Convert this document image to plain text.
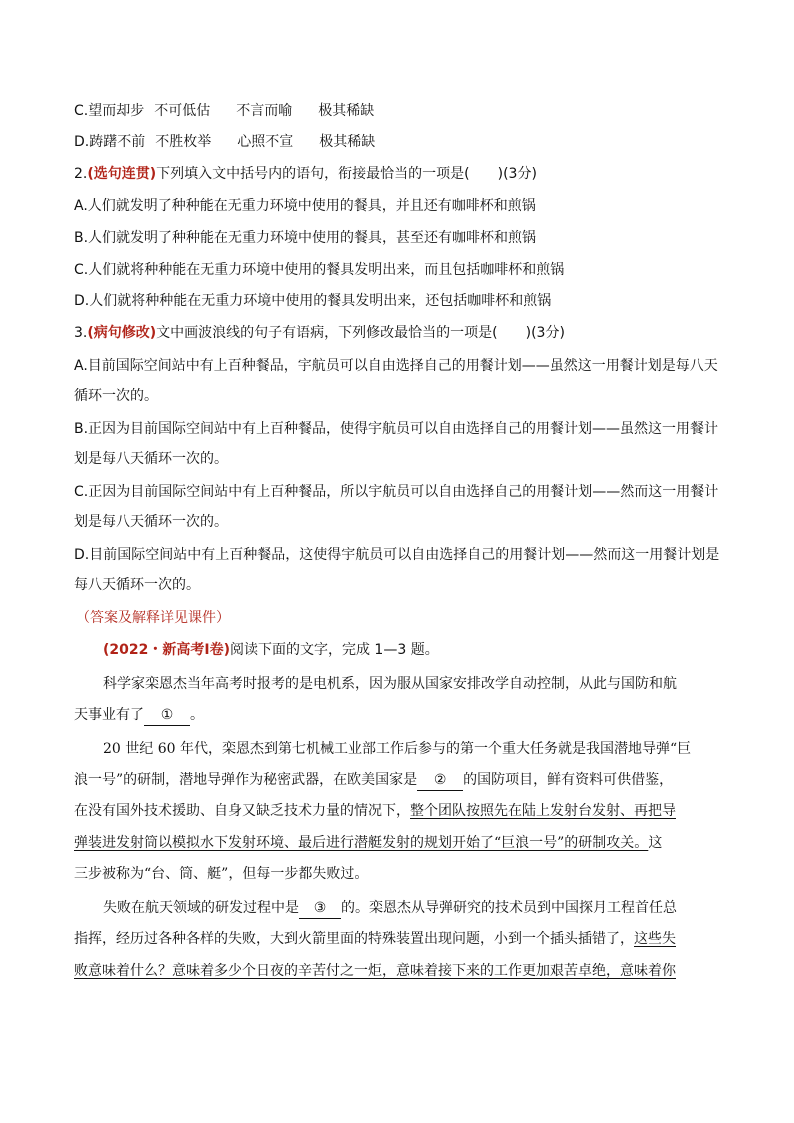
C.望而却步 不可低估 不言而喻 极其稀缺
D.踌躇不前 不胜枚举 心照不宣 极其稀缺
2.(选句连贯)下列填入文中括号内的语句，衔接最恰当的一项是(　　)(3分)
A.人们就发明了种种能在无重力环境中使用的餐具，并且还有咖啡杯和煎锅
B.人们就发明了种种能在无重力环境中使用的餐具，甚至还有咖啡杯和煎锅
C.人们就将种种能在无重力环境中使用的餐具发明出来，而且包括咖啡杯和煎锅
D.人们就将种种能在无重力环境中使用的餐具发明出来，还包括咖啡杯和煎锅
3.(病句修改)文中画波浪线的句子有语病，下列修改最恰当的一项是(　　)(3分)
A.目前国际空间站中有上百种餐品，宇航员可以自由选择自己的用餐计划——虽然这一用餐计划是每八天
循环一次的。
B.正因为目前国际空间站中有上百种餐品，使得宇航员可以自由选择自己的用餐计划——虽然这一用餐计
划是每八天循环一次的。
C.正因为目前国际空间站中有上百种餐品，所以宇航员可以自由选择自己的用餐计划——然而这一用餐计
划是每八天循环一次的。
D.目前国际空间站中有上百种餐品，这使得宇航员可以自由选择自己的用餐计划——然而这一用餐计划是
每八天循环一次的。
（答案及解释详见课件）
(2022・新高考Ⅰ卷)阅读下面的文字，完成 1—3 题。
科学家栾恩杰当年高考时报考的是电机系，因为服从国家安排改学自动控制，从此与国防和航
天事业有了 ① 。
20 世纪 60 年代，栾恩杰到第七机械工业部工作后参与的第一个重大任务就是我国潜地导弹“巨
浪一号”的研制，潜地导弹作为秘密武器，在欧美国家是 ② 的国防项目，鲜有资料可供借鉴，
在没有国外技术援助、自身又缺乏技术力量的情况下，整个团队按照先在陆上发射台发射、再把导
弹装进发射筒以模拟水下发射环境、最后进行潜艇发射的规划开始了“巨浪一号”的研制攻关。这
三步被称为“台、筒、艇”，但每一步都失败过。
失败在航天领域的研发过程中是 ③ 的。栾恩杰从导弹研究的技术员到中国探月工程首任总
指挥，经历过各种各样的失败，大到火箭里面的特殊装置出现问题，小到一个插头插错了，这些失
败意味着什么？意味着多少个日夜的辛苦付之一炬，意味着接下来的工作更加艰苦卓绝，意味着你
